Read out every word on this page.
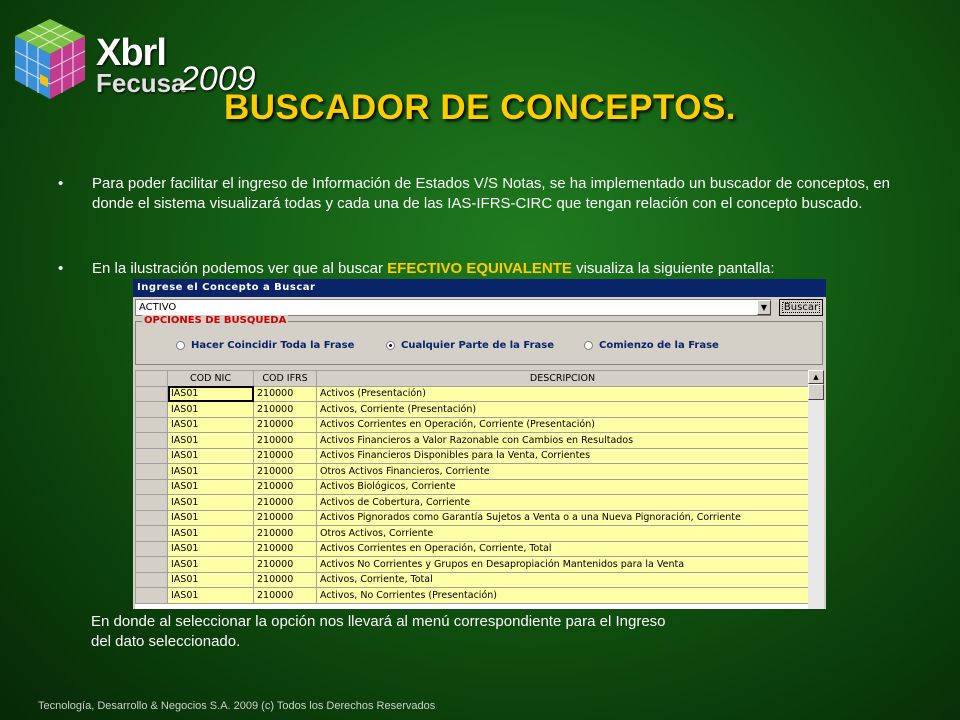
Xbrl
Fecusa
2009
BUSCADOR DE CONCEPTOS.
• Para poder facilitar el ingreso de Información de Estados V/S Notas, se ha implementado un buscador de conceptos, en donde el sistema visualizará todas y cada una de las IAS-IFRS-CIRC que tengan relación con el concepto buscado.
• En la ilustración podemos ver que al buscar EFECTIVO EQUIVALENTE visualiza la siguiente pantalla:
Ingrese el Concepto a Buscar
ACTIVO	▼	Buscar
OPCIONES DE BUSQUEDA
Hacer Coincidir Toda la Frase	Cualquier Parte de la Frase	Comienzo de la Frase
	COD NIC	COD IFRS	DESCRIPCION
	IAS01	210000	Activos (Presentación)
	IAS01	210000	Activos, Corriente (Presentación)
	IAS01	210000	Activos Corrientes en Operación, Corriente (Presentación)
	IAS01	210000	Activos Financieros a Valor Razonable con Cambios en Resultados
	IAS01	210000	Activos Financieros Disponibles para la Venta, Corrientes
	IAS01	210000	Otros Activos Financieros, Corriente
	IAS01	210000	Activos Biológicos, Corriente
	IAS01	210000	Activos de Cobertura, Corriente
	IAS01	210000	Activos Pignorados como Garantía Sujetos a Venta o a una Nueva Pignoración, Corriente
	IAS01	210000	Otros Activos, Corriente
	IAS01	210000	Activos Corrientes en Operación, Corriente, Total
	IAS01	210000	Activos No Corrientes y Grupos en Desapropiación Mantenidos para la Venta
	IAS01	210000	Activos, Corriente, Total
	IAS01	210000	Activos, No Corrientes (Presentación)
▲
En donde al seleccionar la opción nos llevará al menú correspondiente para el Ingreso del dato seleccionado.
Tecnología, Desarrollo & Negocios S.A. 2009 (c) Todos los Derechos Reservados
